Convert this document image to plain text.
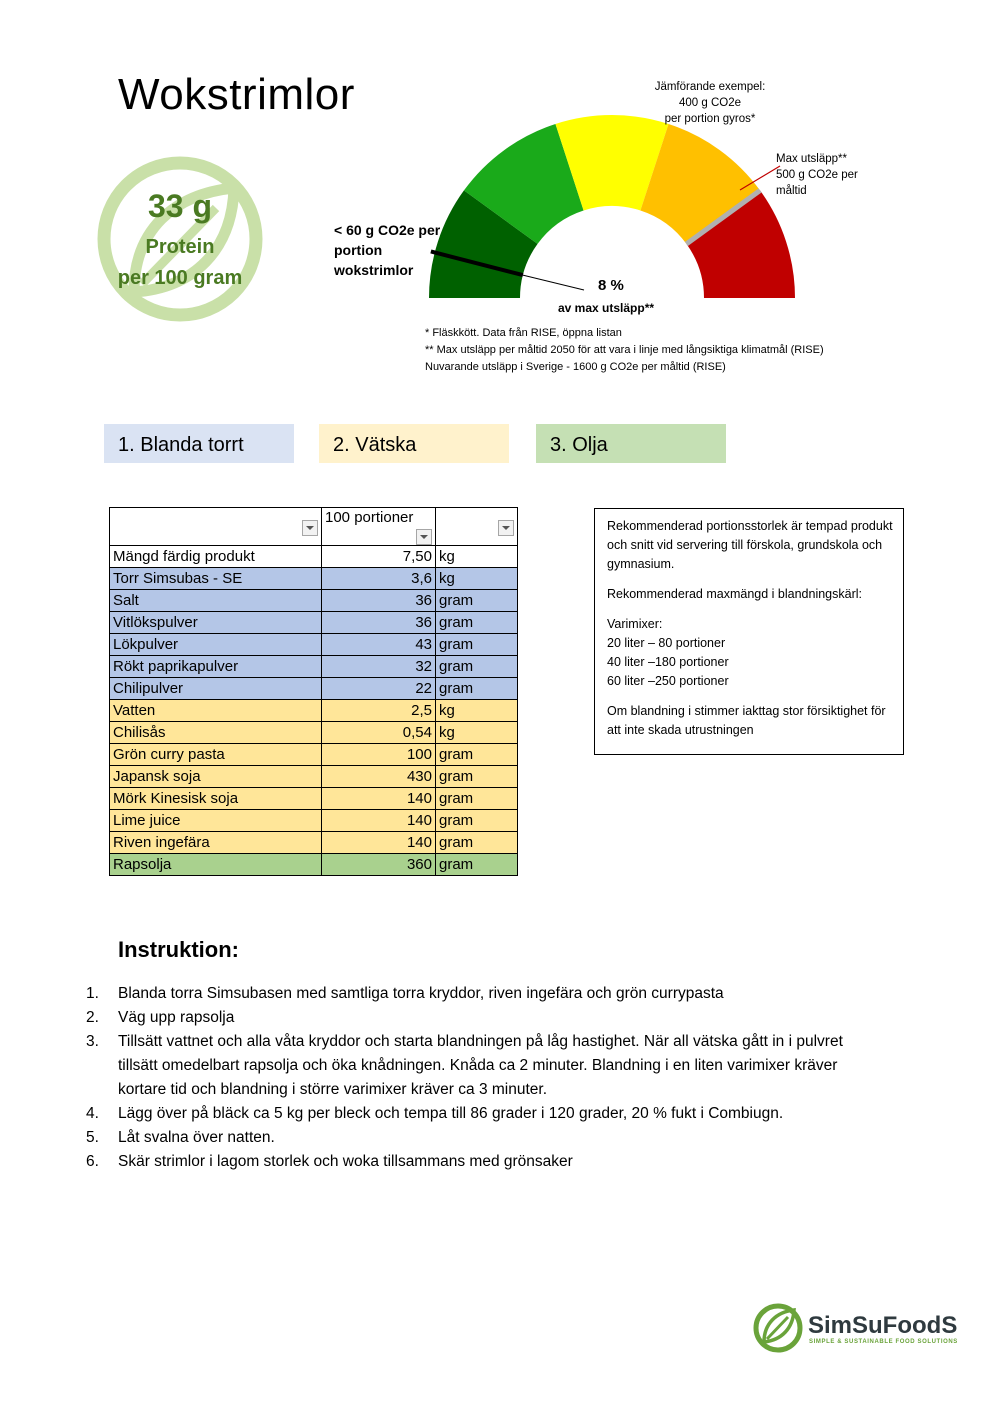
Wokstrimlor
33 g
Protein
per 100 gram
Jämförande exempel:
400 g CO2e
per portion gyros*
Max utsläpp**
500 g CO2e per
måltid
< 60 g CO2e per
portion
wokstrimlor
8 %
av max utsläpp**
* Fläskkött. Data från RISE, öppna listan
** Max utsläpp per måltid 2050 för att vara i linje med långsiktiga klimatmål (RISE)
Nuvarande utsläpp i Sverige - 1600 g CO2e per måltid (RISE)
1. Blanda torrt	2. Vätska	3. Olja
	100 portioner

Mängd färdig produkt	7,50	kg
Torr Simsubas - SE	3,6	kg
Salt	36	gram
Vitlökspulver	36	gram
Lökpulver	43	gram
Rökt paprikapulver	32	gram
Chilipulver	22	gram
Vatten	2,5	kg
Chilisås	0,54	kg
Grön curry pasta	100	gram
Japansk soja	430	gram
Mörk Kinesisk soja	140	gram
Lime juice	140	gram
Riven ingefära	140	gram
Rapsolja	360	gram

Rekommenderad portionsstorlek är tempad produkt och snitt vid servering till förskola, grundskola och gymnasium.

Rekommenderad maxmängd i blandningskärl:

Varimixer:
20 liter – 80 portioner
40 liter –180 portioner
60 liter –250 portioner
Om blandning i stimmer iakttag stor försiktighet för att inte skada utrustningen
Instruktion:
1. Blanda torra Simsubasen med samtliga torra kryddor, riven ingefära och grön currypasta
2. Väg upp rapsolja
3. Tillsätt vattnet och alla våta kryddor och starta blandningen på låg hastighet. När all vätska gått in i pulvret tillsätt omedelbart rapsolja och öka knådningen. Knåda ca 2 minuter. Blandning i en liten varimixer kräver kortare tid och blandning i större varimixer kräver ca 3 minuter.
4. Lägg över på bläck ca 5 kg per bleck och tempa till 86 grader i 120 grader, 20 % fukt i Combiugn.
5. Låt svalna över natten.
6. Skär strimlor i lagom storlek och woka tillsammans med grönsaker
SimSuFoodS
SIMPLE & SUSTAINABLE FOOD SOLUTIONS
